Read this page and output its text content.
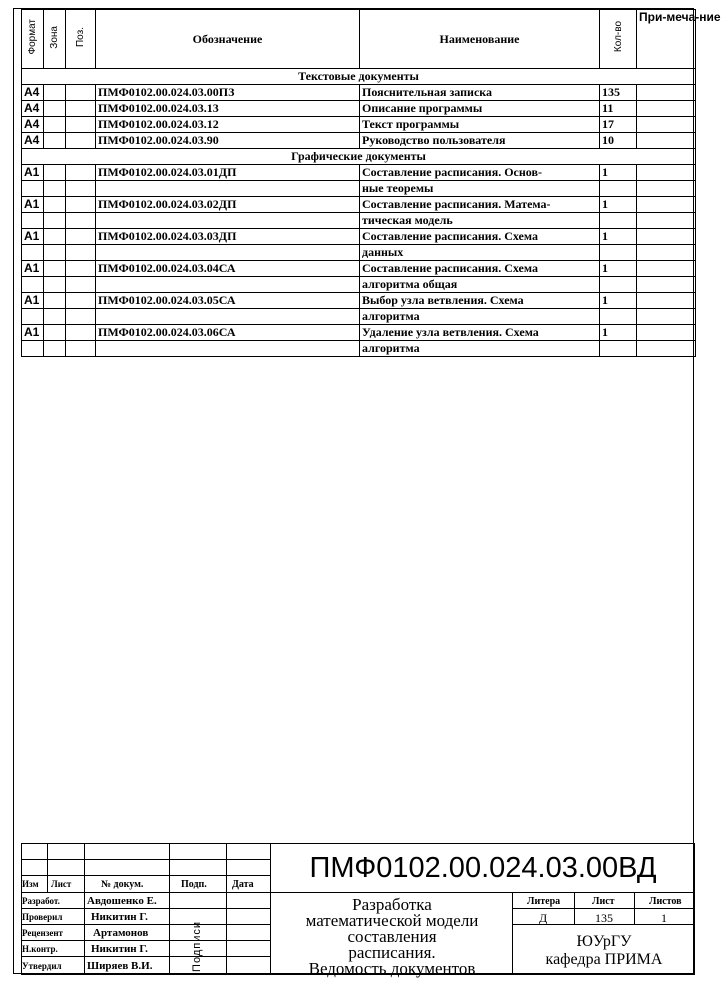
Формат	Зона	Поз.	Обозначение	Наименование	Кол-во	При-меча-ние
Текстовые документы						
А4			ПМФ0102.00.024.03.00ПЗ	Пояснительная записка	135	
А4			ПМФ0102.00.024.03.13	Описание программы	11	
А4			ПМФ0102.00.024.03.12	Текст программы	17	
А4			ПМФ0102.00.024.03.90	Руководство пользователя	10	
Графические документы						
А1			ПМФ0102.00.024.03.01ДП	Составление расписания. Основ-	1	
				ные теоремы		
А1			ПМФ0102.00.024.03.02ДП	Составление расписания. Матема-	1	
				тическая модель		
А1			ПМФ0102.00.024.03.03ДП	Составление расписания. Схема	1	
				данных		
А1			ПМФ0102.00.024.03.04СА	Составление расписания. Схема	1	
				алгоритма общая		
А1			ПМФ0102.00.024.03.05СА	Выбор узла ветвления. Схема	1	
				алгоритма		
А1			ПМФ0102.00.024.03.06СА	Удаление узла ветвления. Схема	1	
				алгоритма		
Изм Лист	№ докум.	Подп.	Дата
Разработ. Авдошенко Е.
Проверил	Никитин Г.
Рецензент	Артамонов
Н.контр.	Никитин Г.
Утвердил Ширяев В.И.	Подписи
ПМФ0102.00.024.03.00ВД
Разработка
математической модели
составления
расписания.
Ведомость документов
Литера	Лист	Листов
Д	135	1
ЮУрГУ
кафедра ПРИМА
